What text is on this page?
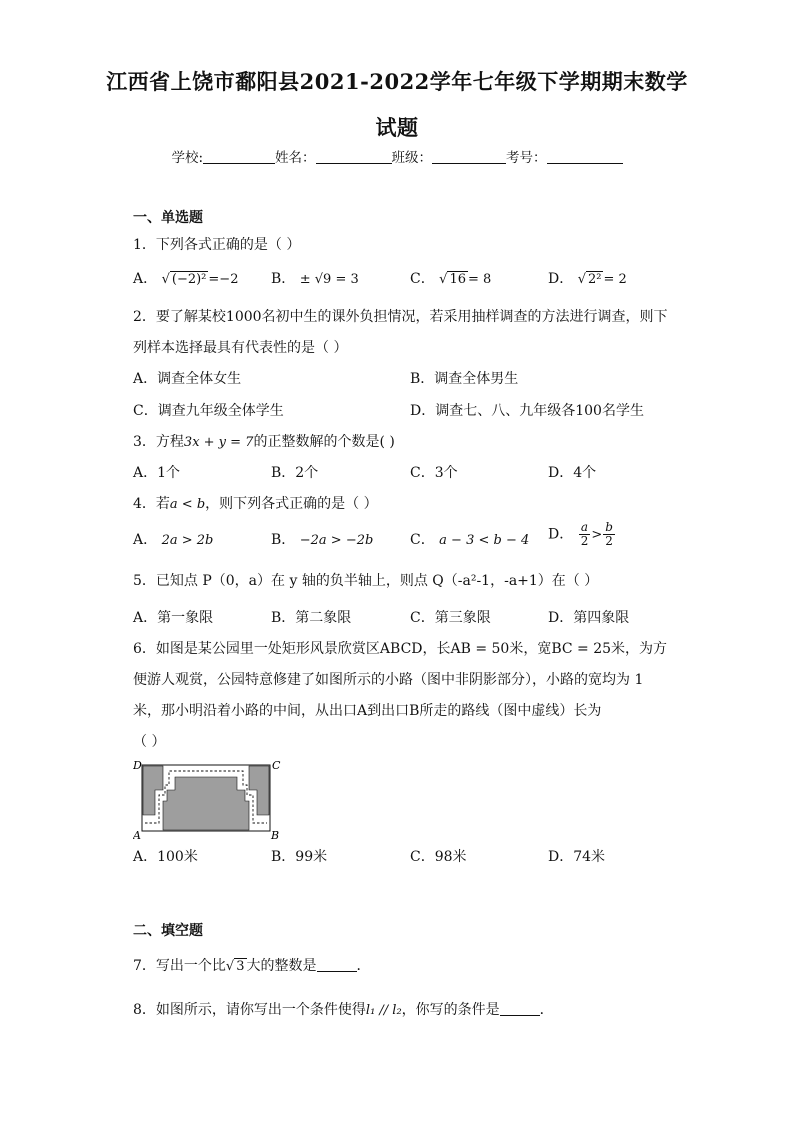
江西省上饶市鄱阳县2021-2022学年七年级下学期期末数学
试题
学校:	姓名：	班级：	考号：
一、单选题
1．下列各式正确的是（ ）
A． √ (−2)² =−2 B． ± √9 = 3	C． √ 16 = 8	D． √ 2² = 2
2．要了解某校1000名初中生的课外负担情况，若采用抽样调查的方法进行调查，则下
列样本选择最具有代表性的是（ ）
A．调查全体女生	B．调查全体男生
C．调查九年级全体学生	D．调查七、八、九年级各100名学生
3．方程3x + y = 7的正整数解的个数是( )
A．1个	B．2个	C．3个	D．4个
4．若a < b，则下列各式正确的是（ ）
A． 2a > 2b	B． −2a > −2b	C． a − 3 < b − 4 D． $\frac{a}{2} > \frac{b}{2}$
5．已知点 P（0，a）在 y 轴的负半轴上，则点 Q（-a²-1，-a+1）在（ ）
A．第一象限	B．第二象限	C．第三象限	D．第四象限
6．如图是某公园里一处矩形风景欣赏区ABCD，长AB = 50米，宽BC = 25米，为方
便游人观赏，公园特意修建了如图所示的小路（图中非阴影部分），小路的宽均为 1
米，那小明沿着小路的中间，从出口A到出口B所走的路线（图中虚线）长为
（ ）
D	C
A	B
A．100米	B．99米	C．98米	D．74米
二、填空题
7．写出一个比√ 3 大的整数是	．
8．如图所示，请你写出一个条件使得l₁ // l₂，你写的条件是	．
